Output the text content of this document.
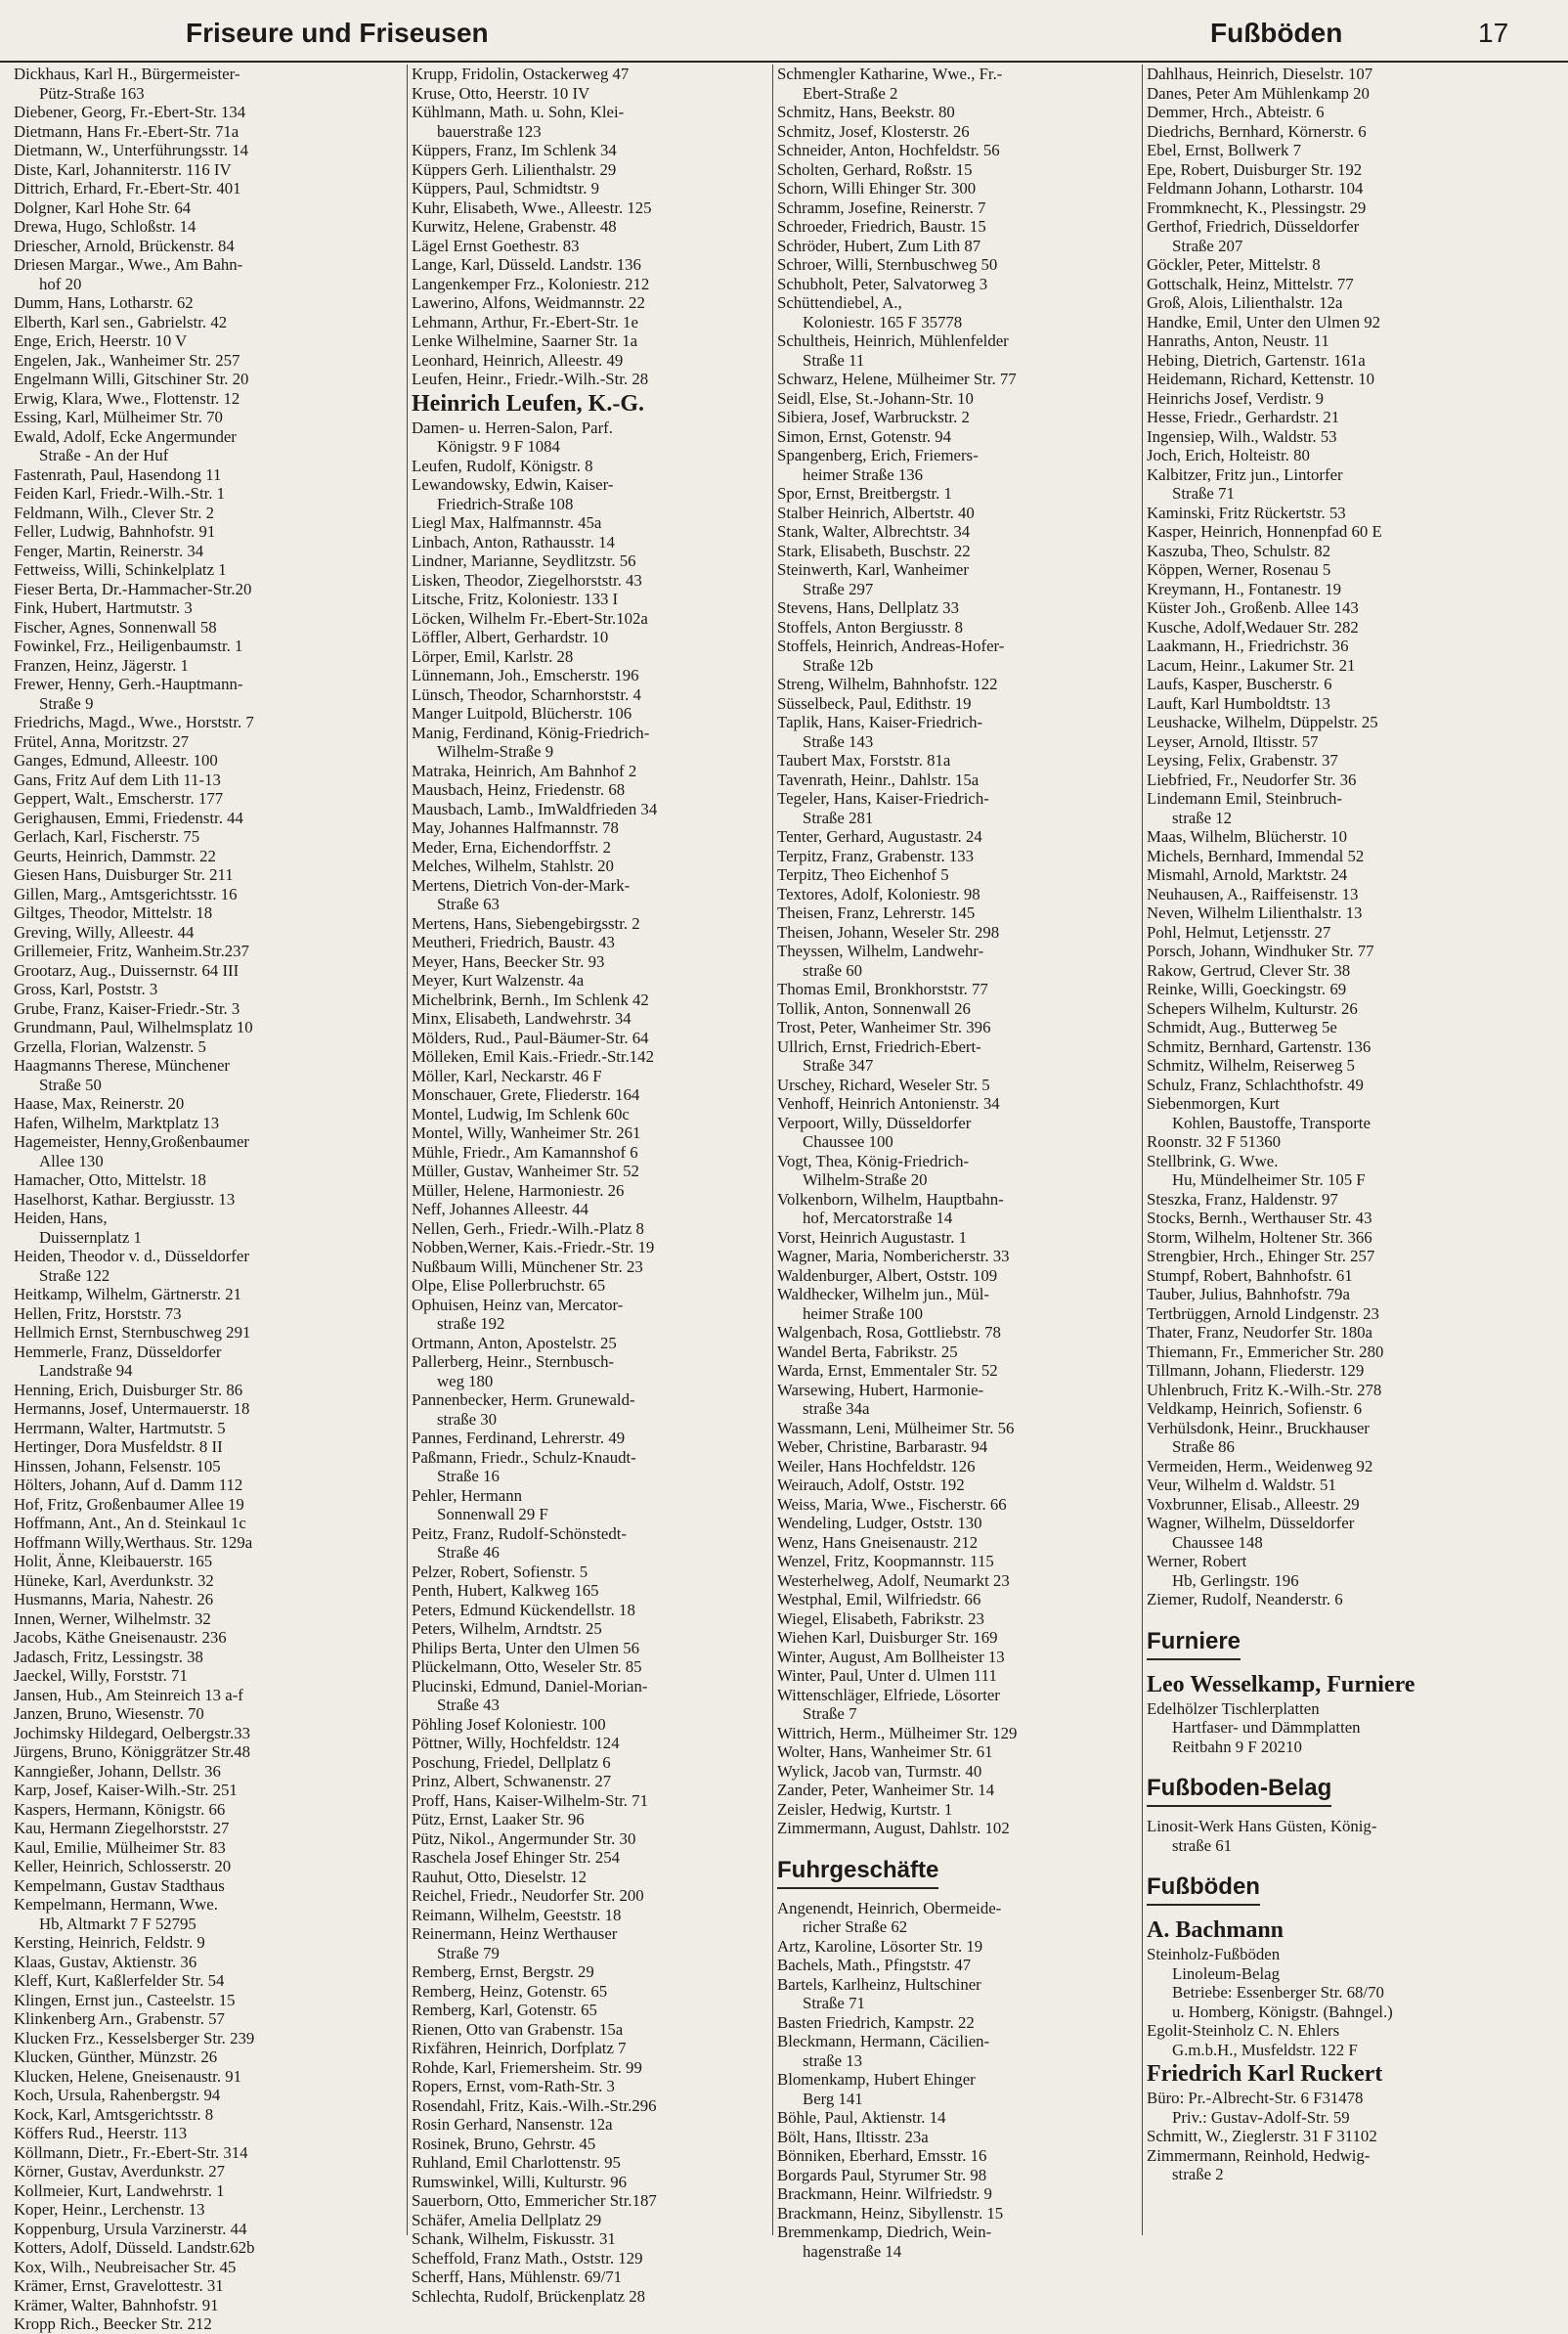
Friseure und Friseusen	Fußböden	17
Dickhaus, Karl H., Bürgermeister-
Pütz-Straße 163
Diebener, Georg, Fr.-Ebert-Str. 134
Dietmann, Hans Fr.-Ebert-Str. 71a
Dietmann, W., Unterführungsstr. 14
Diste, Karl, Johanniterstr. 116 IV
Dittrich, Erhard, Fr.-Ebert-Str. 401
Dolgner, Karl Hohe Str. 64
Drewa, Hugo, Schloßstr. 14
Driescher, Arnold, Brückenstr. 84
Driesen Margar., Wwe., Am Bahn-
hof 20
Dumm, Hans, Lotharstr. 62
Elberth, Karl sen., Gabrielstr. 42
Enge, Erich, Heerstr. 10 V
Engelen, Jak., Wanheimer Str. 257
Engelmann Willi, Gitschiner Str. 20
Erwig, Klara, Wwe., Flottenstr. 12
Essing, Karl, Mülheimer Str. 70
Ewald, Adolf, Ecke Angermunder
Straße - An der Huf
Fastenrath, Paul, Hasendong 11
Feiden Karl, Friedr.-Wilh.-Str. 1
Feldmann, Wilh., Clever Str. 2
Feller, Ludwig, Bahnhofstr. 91
Fenger, Martin, Reinerstr. 34
Fettweiss, Willi, Schinkelplatz 1
Fieser Berta, Dr.-Hammacher-Str.20
Fink, Hubert, Hartmutstr. 3
Fischer, Agnes, Sonnenwall 58
Fowinkel, Frz., Heiligenbaumstr. 1
Franzen, Heinz, Jägerstr. 1
Frewer, Henny, Gerh.-Hauptmann-
Straße 9
Friedrichs, Magd., Wwe., Horststr. 7
Frütel, Anna, Moritzstr. 27
Ganges, Edmund, Alleestr. 100
Gans, Fritz Auf dem Lith 11-13
Geppert, Walt., Emscherstr. 177
Gerighausen, Emmi, Friedenstr. 44
Gerlach, Karl, Fischerstr. 75
Geurts, Heinrich, Dammstr. 22
Giesen Hans, Duisburger Str. 211
Gillen, Marg., Amtsgerichtsstr. 16
Giltges, Theodor, Mittelstr. 18
Greving, Willy, Alleestr. 44
Grillemeier, Fritz, Wanheim.Str.237
Grootarz, Aug., Duissernstr. 64 III
Gross, Karl, Poststr. 3
Grube, Franz, Kaiser-Friedr.-Str. 3
Grundmann, Paul, Wilhelmsplatz 10
Grzella, Florian, Walzenstr. 5
Haagmanns Therese, Münchener
Straße 50
Haase, Max, Reinerstr. 20
Hafen, Wilhelm, Marktplatz 13
Hagemeister, Henny,Großenbaumer
Allee 130
Hamacher, Otto, Mittelstr. 18
Haselhorst, Kathar. Bergiusstr. 13
Heiden, Hans,
Duissernplatz 1
Heiden, Theodor v. d., Düsseldorfer
Straße 122
Heitkamp, Wilhelm, Gärtnerstr. 21
Hellen, Fritz, Horststr. 73
Hellmich Ernst, Sternbuschweg 291
Hemmerle, Franz, Düsseldorfer
Landstraße 94
Henning, Erich, Duisburger Str. 86
Hermanns, Josef, Untermauerstr. 18
Herrmann, Walter, Hartmutstr. 5
Hertinger, Dora Musfeldstr. 8 II
Hinssen, Johann, Felsenstr. 105
Hölters, Johann, Auf d. Damm 112
Hof, Fritz, Großenbaumer Allee 19
Hoffmann, Ant., An d. Steinkaul 1c
Hoffmann Willy,Werthaus. Str. 129a
Holit, Änne, Kleibauerstr. 165
Hüneke, Karl, Averdunkstr. 32
Husmanns, Maria, Nahestr. 26
Innen, Werner, Wilhelmstr. 32
Jacobs, Käthe Gneisenaustr. 236
Jadasch, Fritz, Lessingstr. 38
Jaeckel, Willy, Forststr. 71
Jansen, Hub., Am Steinreich 13 a-f
Janzen, Bruno, Wiesenstr. 70
Jochimsky Hildegard, Oelbergstr.33
Jürgens, Bruno, Königgrätzer Str.48
Kanngießer, Johann, Dellstr. 36
Karp, Josef, Kaiser-Wilh.-Str. 251
Kaspers, Hermann, Königstr. 66
Kau, Hermann Ziegelhorststr. 27
Kaul, Emilie, Mülheimer Str. 83
Keller, Heinrich, Schlosserstr. 20
Kempelmann, Gustav Stadthaus
Kempelmann, Hermann, Wwe.
Hb, Altmarkt 7 F 52795
Kersting, Heinrich, Feldstr. 9
Klaas, Gustav, Aktienstr. 36
Kleff, Kurt, Kaßlerfelder Str. 54
Klingen, Ernst jun., Casteelstr. 15
Klinkenberg Arn., Grabenstr. 57
Klucken Frz., Kesselsberger Str. 239
Klucken, Günther, Münzstr. 26
Klucken, Helene, Gneisenaustr. 91
Koch, Ursula, Rahenbergstr. 94
Kock, Karl, Amtsgerichtsstr. 8
Köffers Rud., Heerstr. 113
Köllmann, Dietr., Fr.-Ebert-Str. 314
Körner, Gustav, Averdunkstr. 27
Kollmeier, Kurt, Landwehrstr. 1
Koper, Heinr., Lerchenstr. 13
Koppenburg, Ursula Varzinerstr. 44
Kotters, Adolf, Düsseld. Landstr.62b
Kox, Wilh., Neubreisacher Str. 45
Krämer, Ernst, Gravelottestr. 31
Krämer, Walter, Bahnhofstr. 91
Kropp Rich., Beecker Str. 212
Krupp, Fridolin, Ostackerweg 47
Kruse, Otto, Heerstr. 10 IV
Kühlmann, Math. u. Sohn, Klei-
bauerstraße 123
Küppers, Franz, Im Schlenk 34
Küppers Gerh. Lilienthalstr. 29
Küppers, Paul, Schmidtstr. 9
Kuhr, Elisabeth, Wwe., Alleestr. 125
Kurwitz, Helene, Grabenstr. 48
Lägel Ernst Goethestr. 83
Lange, Karl, Düsseld. Landstr. 136
Langenkemper Frz., Koloniestr. 212
Lawerino, Alfons, Weidmannstr. 22
Lehmann, Arthur, Fr.-Ebert-Str. 1e
Lenke Wilhelmine, Saarner Str. 1a
Leonhard, Heinrich, Alleestr. 49
Leufen, Heinr., Friedr.-Wilh.-Str. 28
Heinrich Leufen, K.-G.
Damen- u. Herren-Salon, Parf.
Königstr. 9 F 1084
Leufen, Rudolf, Königstr. 8
Lewandowsky, Edwin, Kaiser-
Friedrich-Straße 108
Liegl Max, Halfmannstr. 45a
Linbach, Anton, Rathausstr. 14
Lindner, Marianne, Seydlitzstr. 56
Lisken, Theodor, Ziegelhorststr. 43
Litsche, Fritz, Koloniestr. 133 I
Löcken, Wilhelm Fr.-Ebert-Str.102a
Löffler, Albert, Gerhardstr. 10
Lörper, Emil, Karlstr. 28
Lünnemann, Joh., Emscherstr. 196
Lünsch, Theodor, Scharnhorststr. 4
Manger Luitpold, Blücherstr. 106
Manig, Ferdinand, König-Friedrich-
Wilhelm-Straße 9
Matraka, Heinrich, Am Bahnhof 2
Mausbach, Heinz, Friedenstr. 68
Mausbach, Lamb., ImWaldfrieden 34
May, Johannes Halfmannstr. 78
Meder, Erna, Eichendorffstr. 2
Melches, Wilhelm, Stahlstr. 20
Mertens, Dietrich Von-der-Mark-
Straße 63
Mertens, Hans, Siebengebirgsstr. 2
Meutheri, Friedrich, Baustr. 43
Meyer, Hans, Beecker Str. 93
Meyer, Kurt Walzenstr. 4a
Michelbrink, Bernh., Im Schlenk 42
Minx, Elisabeth, Landwehrstr. 34
Mölders, Rud., Paul-Bäumer-Str. 64
Mölleken, Emil Kais.-Friedr.-Str.142
Möller, Karl, Neckarstr. 46 F
Monschauer, Grete, Fliederstr. 164
Montel, Ludwig, Im Schlenk 60c
Montel, Willy, Wanheimer Str. 261
Mühle, Friedr., Am Kamannshof 6
Müller, Gustav, Wanheimer Str. 52
Müller, Helene, Harmoniestr. 26
Neff, Johannes Alleestr. 44
Nellen, Gerh., Friedr.-Wilh.-Platz 8
Nobben,Werner, Kais.-Friedr.-Str. 19
Nußbaum Willi, Münchener Str. 23
Olpe, Elise Pollerbruchstr. 65
Ophuisen, Heinz van, Mercator-
straße 192
Ortmann, Anton, Apostelstr. 25
Pallerberg, Heinr., Sternbusch-
weg 180
Pannenbecker, Herm. Grunewald-
straße 30
Pannes, Ferdinand, Lehrerstr. 49
Paßmann, Friedr., Schulz-Knaudt-
Straße 16
Pehler, Hermann
Sonnenwall 29 F
Peitz, Franz, Rudolf-Schönstedt-
Straße 46
Pelzer, Robert, Sofienstr. 5
Penth, Hubert, Kalkweg 165
Peters, Edmund Kückendellstr. 18
Peters, Wilhelm, Arndtstr. 25
Philips Berta, Unter den Ulmen 56
Plückelmann, Otto, Weseler Str. 85
Plucinski, Edmund, Daniel-Morian-
Straße 43
Pöhling Josef Koloniestr. 100
Pöttner, Willy, Hochfeldstr. 124
Poschung, Friedel, Dellplatz 6
Prinz, Albert, Schwanenstr. 27
Proff, Hans, Kaiser-Wilhelm-Str. 71
Pütz, Ernst, Laaker Str. 96
Pütz, Nikol., Angermunder Str. 30
Raschela Josef Ehinger Str. 254
Rauhut, Otto, Dieselstr. 12
Reichel, Friedr., Neudorfer Str. 200
Reimann, Wilhelm, Geeststr. 18
Reinermann, Heinz Werthauser
Straße 79
Remberg, Ernst, Bergstr. 29
Remberg, Heinz, Gotenstr. 65
Remberg, Karl, Gotenstr. 65
Rienen, Otto van Grabenstr. 15a
Rixfähren, Heinrich, Dorfplatz 7
Rohde, Karl, Friemersheim. Str. 99
Ropers, Ernst, vom-Rath-Str. 3
Rosendahl, Fritz, Kais.-Wilh.-Str.296
Rosin Gerhard, Nansenstr. 12a
Rosinek, Bruno, Gehrstr. 45
Ruhland, Emil Charlottenstr. 95
Rumswinkel, Willi, Kulturstr. 96
Sauerborn, Otto, Emmericher Str.187
Schäfer, Amelia Dellplatz 29
Schank, Wilhelm, Fiskusstr. 31
Scheffold, Franz Math., Oststr. 129
Scherff, Hans, Mühlenstr. 69/71
Schlechta, Rudolf, Brückenplatz 28
Schmengler Katharine, Wwe., Fr.-
Ebert-Straße 2
Schmitz, Hans, Beekstr. 80
Schmitz, Josef, Klosterstr. 26
Schneider, Anton, Hochfeldstr. 56
Scholten, Gerhard, Roßstr. 15
Schorn, Willi Ehinger Str. 300
Schramm, Josefine, Reinerstr. 7
Schroeder, Friedrich, Baustr. 15
Schröder, Hubert, Zum Lith 87
Schroer, Willi, Sternbuschweg 50
Schubholt, Peter, Salvatorweg 3
Schüttendiebel, A.,
Koloniestr. 165 F 35778
Schultheis, Heinrich, Mühlenfelder
Straße 11
Schwarz, Helene, Mülheimer Str. 77
Seidl, Else, St.-Johann-Str. 10
Sibiera, Josef, Warbruckstr. 2
Simon, Ernst, Gotenstr. 94
Spangenberg, Erich, Friemers-
heimer Straße 136
Spor, Ernst, Breitbergstr. 1
Stalber Heinrich, Albertstr. 40
Stank, Walter, Albrechtstr. 34
Stark, Elisabeth, Buschstr. 22
Steinwerth, Karl, Wanheimer
Straße 297
Stevens, Hans, Dellplatz 33
Stoffels, Anton Bergiusstr. 8
Stoffels, Heinrich, Andreas-Hofer-
Straße 12b
Streng, Wilhelm, Bahnhofstr. 122
Süsselbeck, Paul, Edithstr. 19
Taplik, Hans, Kaiser-Friedrich-
Straße 143
Taubert Max, Forststr. 81a
Tavenrath, Heinr., Dahlstr. 15a
Tegeler, Hans, Kaiser-Friedrich-
Straße 281
Tenter, Gerhard, Augustastr. 24
Terpitz, Franz, Grabenstr. 133
Terpitz, Theo Eichenhof 5
Textores, Adolf, Koloniestr. 98
Theisen, Franz, Lehrerstr. 145
Theisen, Johann, Weseler Str. 298
Theyssen, Wilhelm, Landwehr-
straße 60
Thomas Emil, Bronkhorststr. 77
Tollik, Anton, Sonnenwall 26
Trost, Peter, Wanheimer Str. 396
Ullrich, Ernst, Friedrich-Ebert-
Straße 347
Urschey, Richard, Weseler Str. 5
Venhoff, Heinrich Antonienstr. 34
Verpoort, Willy, Düsseldorfer
Chaussee 100
Vogt, Thea, König-Friedrich-
Wilhelm-Straße 20
Volkenborn, Wilhelm, Hauptbahn-
hof, Mercatorstraße 14
Vorst, Heinrich Augustastr. 1
Wagner, Maria, Nombericherstr. 33
Waldenburger, Albert, Oststr. 109
Waldhecker, Wilhelm jun., Mül-
heimer Straße 100
Walgenbach, Rosa, Gottliebstr. 78
Wandel Berta, Fabrikstr. 25
Warda, Ernst, Emmentaler Str. 52
Warsewing, Hubert, Harmonie-
straße 34a
Wassmann, Leni, Mülheimer Str. 56
Weber, Christine, Barbarastr. 94
Weiler, Hans Hochfeldstr. 126
Weirauch, Adolf, Oststr. 192
Weiss, Maria, Wwe., Fischerstr. 66
Wendeling, Ludger, Oststr. 130
Wenz, Hans Gneisenaustr. 212
Wenzel, Fritz, Koopmannstr. 115
Westerhelweg, Adolf, Neumarkt 23
Westphal, Emil, Wilfriedstr. 66
Wiegel, Elisabeth, Fabrikstr. 23
Wiehen Karl, Duisburger Str. 169
Winter, August, Am Bollheister 13
Winter, Paul, Unter d. Ulmen 111
Wittenschläger, Elfriede, Lösorter
Straße 7
Wittrich, Herm., Mülheimer Str. 129
Wolter, Hans, Wanheimer Str. 61
Wylick, Jacob van, Turmstr. 40
Zander, Peter, Wanheimer Str. 14
Zeisler, Hedwig, Kurtstr. 1
Zimmermann, August, Dahlstr. 102
Fuhrgeschäfte
Angenendt, Heinrich, Obermeide-
richer Straße 62
Artz, Karoline, Lösorter Str. 19
Bachels, Math., Pfingststr. 47
Bartels, Karlheinz, Hultschiner
Straße 71
Basten Friedrich, Kampstr. 22
Bleckmann, Hermann, Cäcilien-
straße 13
Blomenkamp, Hubert Ehinger
Berg 141
Böhle, Paul, Aktienstr. 14
Bölt, Hans, Iltisstr. 23a
Bönniken, Eberhard, Emsstr. 16
Borgards Paul, Styrumer Str. 98
Brackmann, Heinr. Wilfriedstr. 9
Brackmann, Heinz, Sibyllenstr. 15
Bremmenkamp, Diedrich, Wein-
hagenstraße 14
Dahlhaus, Heinrich, Dieselstr. 107
Danes, Peter Am Mühlenkamp 20
Demmer, Hrch., Abteistr. 6
Diedrichs, Bernhard, Körnerstr. 6
Ebel, Ernst, Bollwerk 7
Epe, Robert, Duisburger Str. 192
Feldmann Johann, Lotharstr. 104
Frommknecht, K., Plessingstr. 29
Gerthof, Friedrich, Düsseldorfer
Straße 207
Göckler, Peter, Mittelstr. 8
Gottschalk, Heinz, Mittelstr. 77
Groß, Alois, Lilienthalstr. 12a
Handke, Emil, Unter den Ulmen 92
Hanraths, Anton, Neustr. 11
Hebing, Dietrich, Gartenstr. 161a
Heidemann, Richard, Kettenstr. 10
Heinrichs Josef, Verdistr. 9
Hesse, Friedr., Gerhardstr. 21
Ingensiep, Wilh., Waldstr. 53
Joch, Erich, Holteistr. 80
Kalbitzer, Fritz jun., Lintorfer
Straße 71
Kaminski, Fritz Rückertstr. 53
Kasper, Heinrich, Honnenpfad 60 E
Kaszuba, Theo, Schulstr. 82
Köppen, Werner, Rosenau 5
Kreymann, H., Fontanestr. 19
Küster Joh., Großenb. Allee 143
Kusche, Adolf,Wedauer Str. 282
Laakmann, H., Friedrichstr. 36
Lacum, Heinr., Lakumer Str. 21
Laufs, Kasper, Buscherstr. 6
Lauft, Karl Humboldtstr. 13
Leushacke, Wilhelm, Düppelstr. 25
Leyser, Arnold, Iltisstr. 57
Leysing, Felix, Grabenstr. 37
Liebfried, Fr., Neudorfer Str. 36
Lindemann Emil, Steinbruch-
straße 12
Maas, Wilhelm, Blücherstr. 10
Michels, Bernhard, Immendal 52
Mismahl, Arnold, Marktstr. 24
Neuhausen, A., Raiffeisenstr. 13
Neven, Wilhelm Lilienthalstr. 13
Pohl, Helmut, Letjensstr. 27
Porsch, Johann, Windhuker Str. 77
Rakow, Gertrud, Clever Str. 38
Reinke, Willi, Goeckingstr. 69
Schepers Wilhelm, Kulturstr. 26
Schmidt, Aug., Butterweg 5e
Schmitz, Bernhard, Gartenstr. 136
Schmitz, Wilhelm, Reiserweg 5
Schulz, Franz, Schlachthofstr. 49
Siebenmorgen, Kurt
Kohlen, Baustoffe, Transporte
Roonstr. 32 F 51360
Stellbrink, G. Wwe.
Hu, Mündelheimer Str. 105 F
Steszka, Franz, Haldenstr. 97
Stocks, Bernh., Werthauser Str. 43
Storm, Wilhelm, Holtener Str. 366
Strengbier, Hrch., Ehinger Str. 257
Stumpf, Robert, Bahnhofstr. 61
Tauber, Julius, Bahnhofstr. 79a
Tertbrüggen, Arnold Lindgenstr. 23
Thater, Franz, Neudorfer Str. 180a
Thiemann, Fr., Emmericher Str. 280
Tillmann, Johann, Fliederstr. 129
Uhlenbruch, Fritz K.-Wilh.-Str. 278
Veldkamp, Heinrich, Sofienstr. 6
Verhülsdonk, Heinr., Bruckhauser
Straße 86
Vermeiden, Herm., Weidenweg 92
Veur, Wilhelm d. Waldstr. 51
Voxbrunner, Elisab., Alleestr. 29
Wagner, Wilhelm, Düsseldorfer
Chaussee 148
Werner, Robert
Hb, Gerlingstr. 196
Ziemer, Rudolf, Neanderstr. 6
Furniere
Leo Wesselkamp, Furniere
Edelhölzer Tischlerplatten
Hartfaser- und Dämmplatten
Reitbahn 9 F 20210
Fußboden-Belag
Linosit-Werk Hans Güsten, König-
straße 61
Fußböden
A. Bachmann
Steinholz-Fußböden
Linoleum-Belag
Betriebe: Essenberger Str. 68/70
u. Homberg, Königstr. (Bahngel.)
Egolit-Steinholz C. N. Ehlers
G.m.b.H., Musfeldstr. 122 F
Friedrich Karl Ruckert
Büro: Pr.-Albrecht-Str. 6 F31478
Priv.: Gustav-Adolf-Str. 59
Schmitt, W., Zieglerstr. 31 F 31102
Zimmermann, Reinhold, Hedwig-
straße 2
